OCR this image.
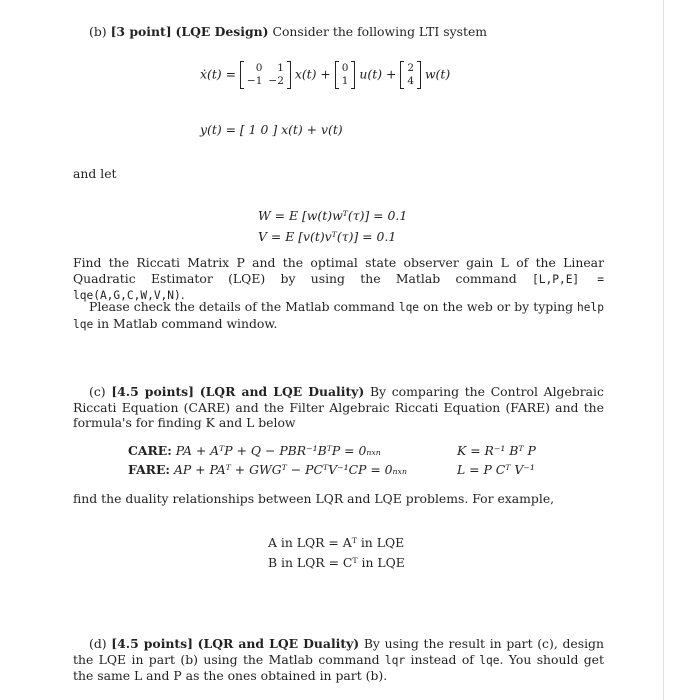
(b) [3 point] (LQE Design) Consider the following LTI system
ẋ(t) = 0	1
−1	−2 x(t) + 0
1 u(t) + 2
4 w(t)
y(t) = [ 1 0 ] x(t) + v(t)
and let
W = E [w(t)wᵀ(τ)] = 0.1
V = E [v(t)vᵀ(τ)] = 0.1
Find the Riccati Matrix P and the optimal state observer gain L of the Linear Quadratic Estimator (LQE) by using the Matlab command [L,P,E] = lqe(A,G,C,W,V,N).
Please check the details of the Matlab command lqe on the web or by typing help lqe in Matlab command window.
(c) [4.5 points] (LQR and LQE Duality) By comparing the Control Algebraic Riccati Equation (CARE) and the Filter Algebraic Riccati Equation (FARE) and the formula's for finding K and L below
CARE: PA + AᵀP + Q − PBR⁻¹BᵀP = 0ₙₓₙ	K = R⁻¹ Bᵀ P
FARE: AP + PAᵀ + GWGᵀ − PCᵀV⁻¹CP = 0ₙₓₙ	L = P Cᵀ V⁻¹
find the duality relationships between LQR and LQE problems. For example,
A in LQR = Aᵀ in LQE
B in LQR = Cᵀ in LQE
(d) [4.5 points] (LQR and LQE Duality) By using the result in part (c), design the LQE in part (b) using the Matlab command lqr instead of lqe. You should get the same L and P as the ones obtained in part (b).
